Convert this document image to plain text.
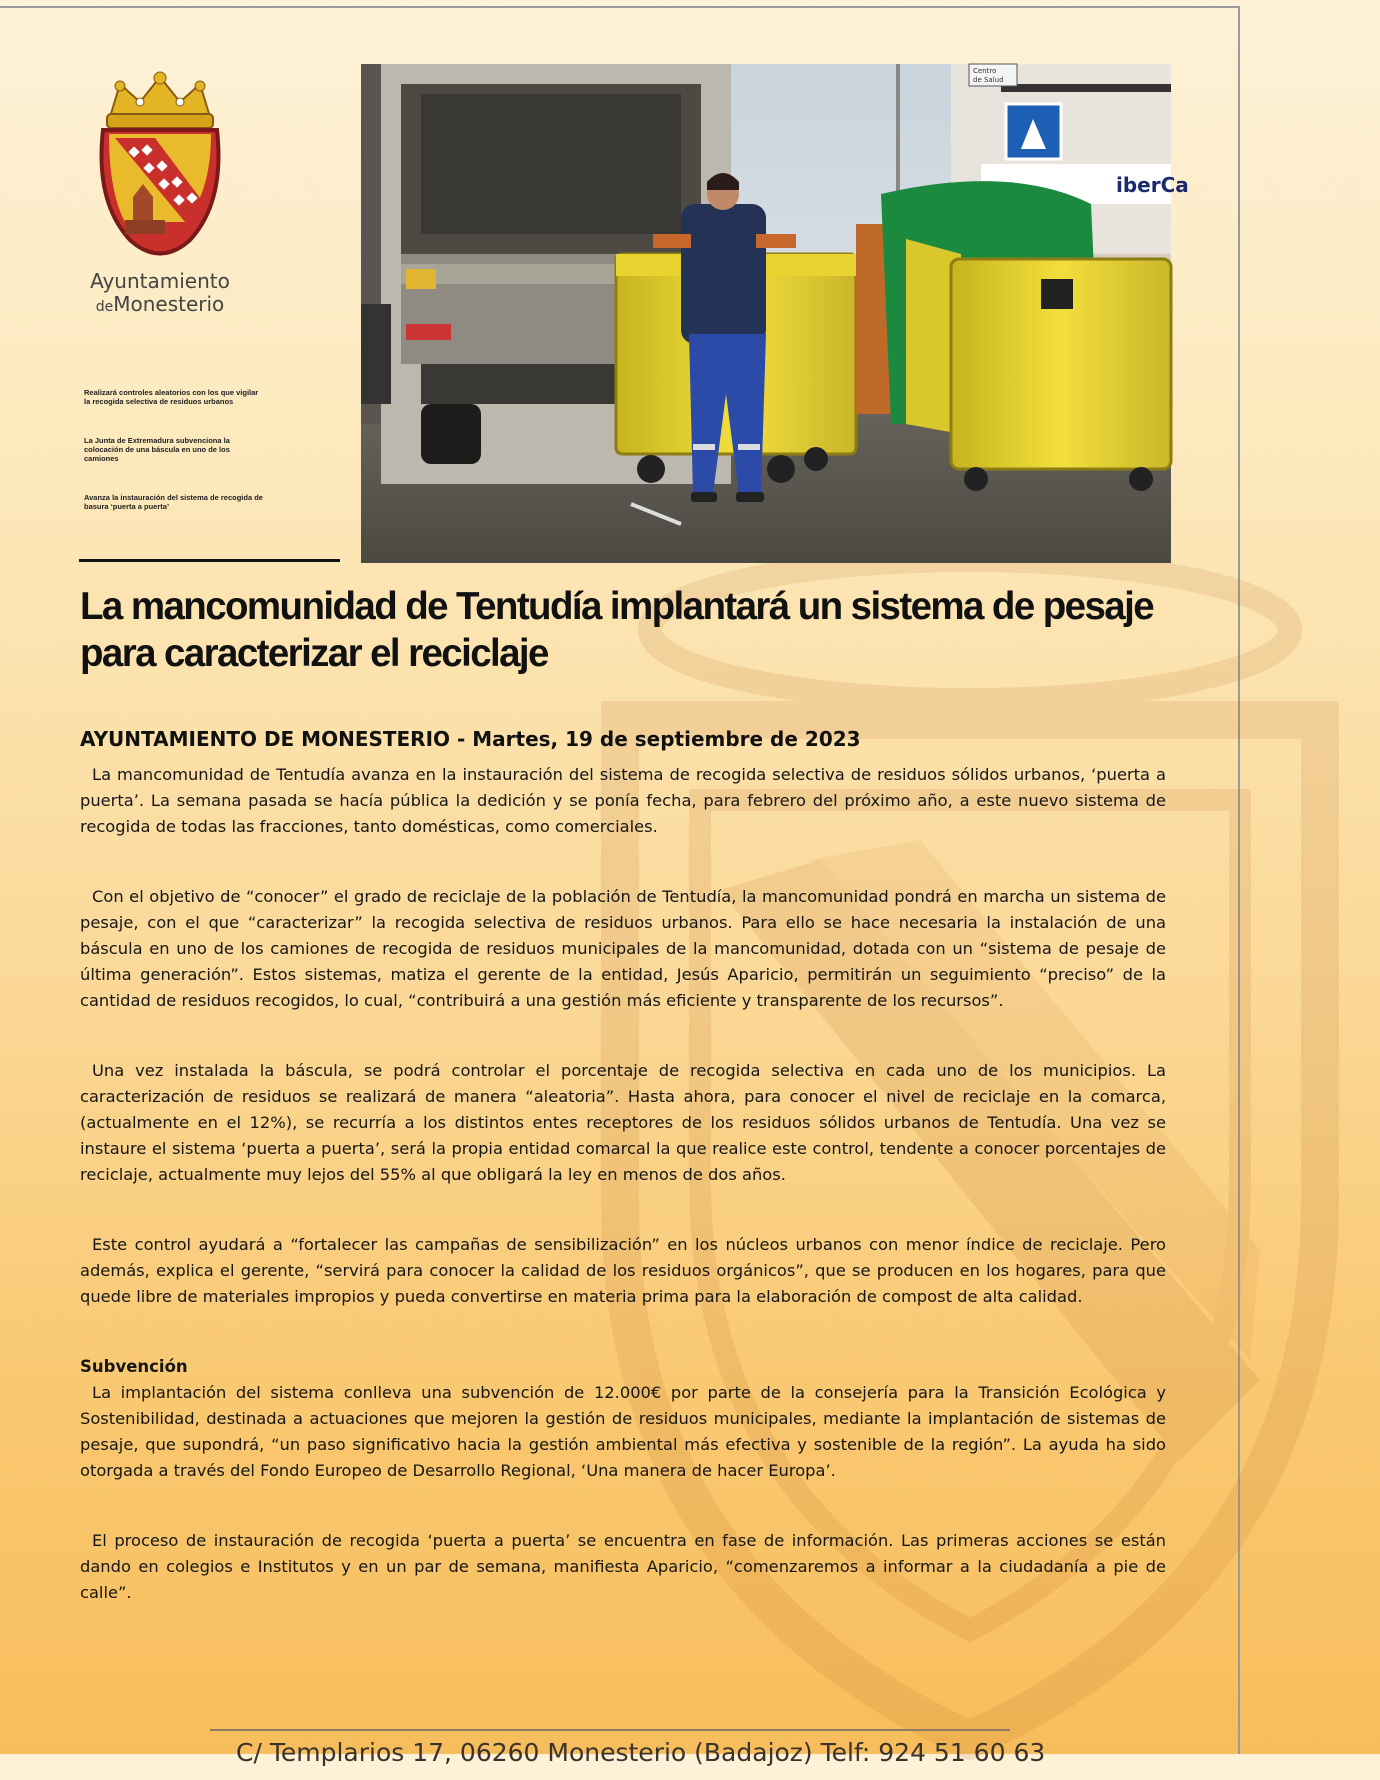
Ayuntamiento
deMonesterio
Realizará controles aleatorios con los que vigilar la recogida selectiva de residuos urbanos
La Junta de Extremadura subvenciona la colocación de una báscula en uno de los camiones
Avanza la instauración del sistema de recogida de basura ‘puerta a puerta’
iberCa
Centro
de Salud
La mancomunidad de Tentudía implantará un sistema de pesaje para caracterizar el reciclaje
AYUNTAMIENTO DE MONESTERIO - Martes, 19 de septiembre de 2023

La mancomunidad de Tentudía avanza en la instauración del sistema de recogida selectiva de residuos sólidos urbanos, ‘puerta a puerta’. La semana pasada se hacía pública la dedición y se ponía fecha, para febrero del próximo año, a este nuevo sistema de recogida de todas las fracciones, tanto domésticas, como comerciales.

Con el objetivo de “conocer” el grado de reciclaje de la población de Tentudía, la mancomunidad pondrá en marcha un sistema de pesaje, con el que “caracterizar” la recogida selectiva de residuos urbanos. Para ello se hace necesaria la instalación de una báscula en uno de los camiones de recogida de residuos municipales de la mancomunidad, dotada con un “sistema de pesaje de última generación”. Estos sistemas, matiza el gerente de la entidad, Jesús Aparicio, permitirán un seguimiento “preciso” de la cantidad de residuos recogidos, lo cual, “contribuirá a una gestión más eficiente y transparente de los recursos”.

Una vez instalada la báscula, se podrá controlar el porcentaje de recogida selectiva en cada uno de los municipios. La caracterización de residuos se realizará de manera “aleatoria”. Hasta ahora, para conocer el nivel de reciclaje en la comarca, (actualmente en el 12%), se recurría a los distintos entes receptores de los residuos sólidos urbanos de Tentudía. Una vez se instaure el sistema ‘puerta a puerta’, será la propia entidad comarcal la que realice este control, tendente a conocer porcentajes de reciclaje, actualmente muy lejos del 55% al que obligará la ley en menos de dos años.

Este control ayudará a “fortalecer las campañas de sensibilización” en los núcleos urbanos con menor índice de reciclaje. Pero además, explica el gerente, “servirá para conocer la calidad de los residuos orgánicos”, que se producen en los hogares, para que quede libre de materiales impropios y pueda convertirse en materia prima para la elaboración de compost de alta calidad.

Subvención

La implantación del sistema conlleva una subvención de 12.000€ por parte de la consejería para la Transición Ecológica y Sostenibilidad, destinada a actuaciones que mejoren la gestión de residuos municipales, mediante la implantación de sistemas de pesaje, que supondrá, “un paso significativo hacia la gestión ambiental más efectiva y sostenible de la región”. La ayuda ha sido otorgada a través del Fondo Europeo de Desarrollo Regional, ‘Una manera de hacer Europa’.

El proceso de instauración de recogida ‘puerta a puerta’ se encuentra en fase de información. Las primeras acciones se están dando en colegios e Institutos y en un par de semana, manifiesta Aparicio, “comenzaremos a informar a la ciudadanía a pie de calle”.

C/ Templarios 17, 06260 Monesterio (Badajoz) Telf: 924 51 60 63
